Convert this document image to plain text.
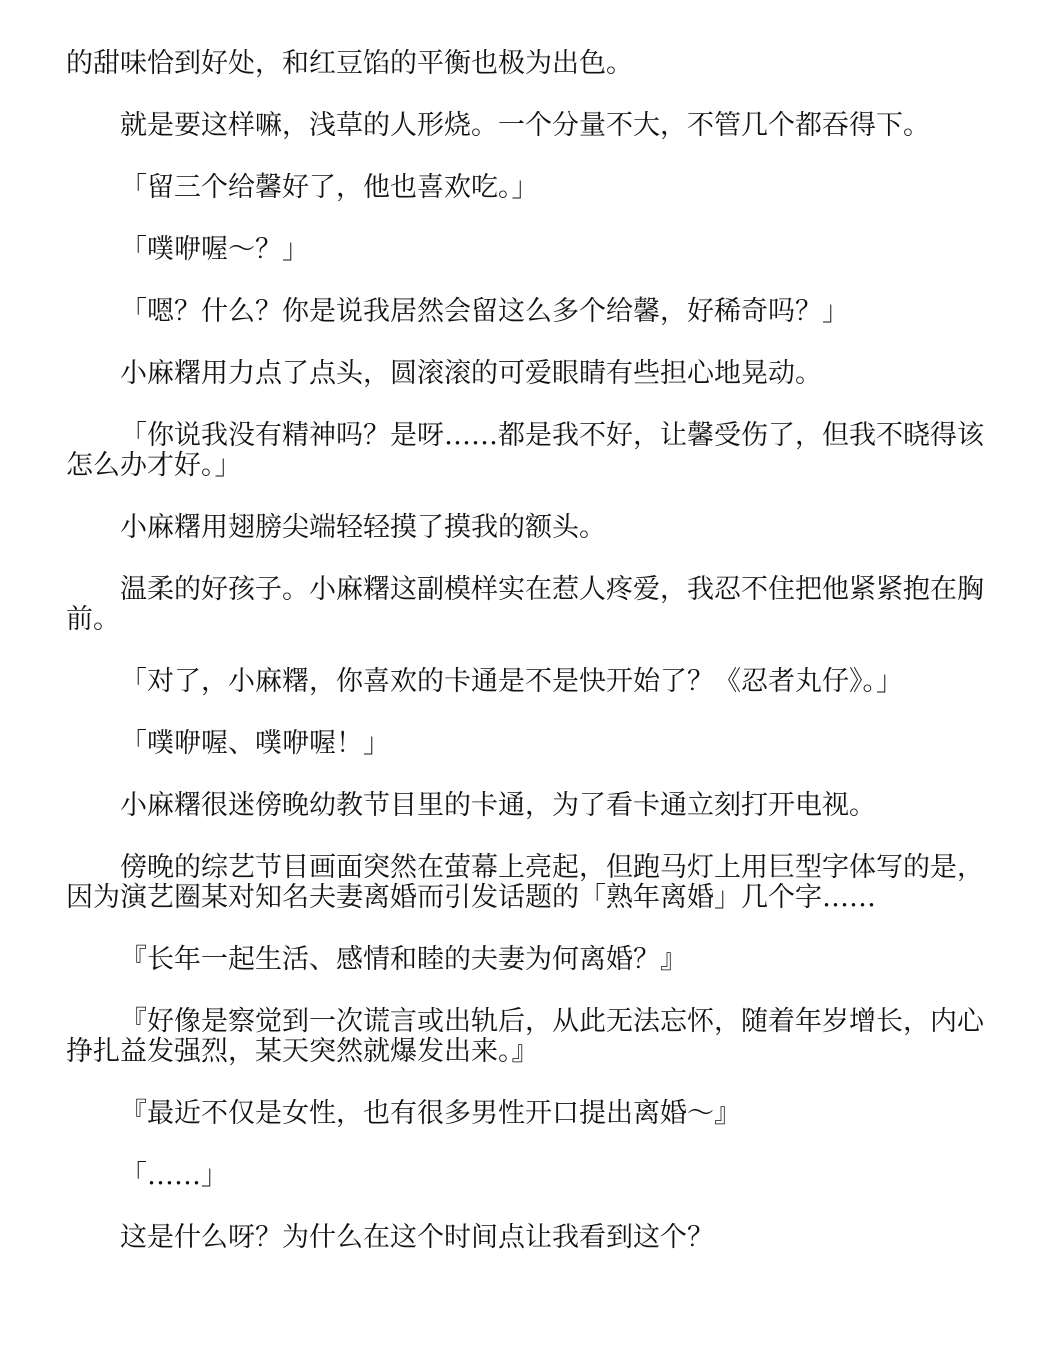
的甜味恰到好处，和红豆馅的平衡也极为出色。

就是要这样嘛，浅草的人形烧。一个分量不大，不管几个都吞得下。

「留三个给馨好了，他也喜欢吃。」

「噗咿喔～？」

「嗯？什么？你是说我居然会留这么多个给馨，好稀奇吗？」

小麻糬用力点了点头，圆滚滚的可爱眼睛有些担心地晃动。

「你说我没有精神吗？是呀……都是我不好，让馨受伤了，但我不晓得该

怎么办才好。」

小麻糬用翅膀尖端轻轻摸了摸我的额头。

温柔的好孩子。小麻糬这副模样实在惹人疼爱，我忍不住把他紧紧抱在胸

前。

「对了，小麻糬，你喜欢的卡通是不是快开始了？《忍者丸仔》。」

「噗咿喔、噗咿喔！」

小麻糬很迷傍晚幼教节目里的卡通，为了看卡通立刻打开电视。

傍晚的综艺节目画面突然在萤幕上亮起，但跑马灯上用巨型字体写的是，

因为演艺圈某对知名夫妻离婚而引发话题的「熟年离婚」几个字……

『长年一起生活、感情和睦的夫妻为何离婚？』

『好像是察觉到一次谎言或出轨后，从此无法忘怀，随着年岁增长，内心

挣扎益发强烈，某天突然就爆发出来。』

『最近不仅是女性，也有很多男性开口提出离婚～』

「……」

这是什么呀？为什么在这个时间点让我看到这个？
